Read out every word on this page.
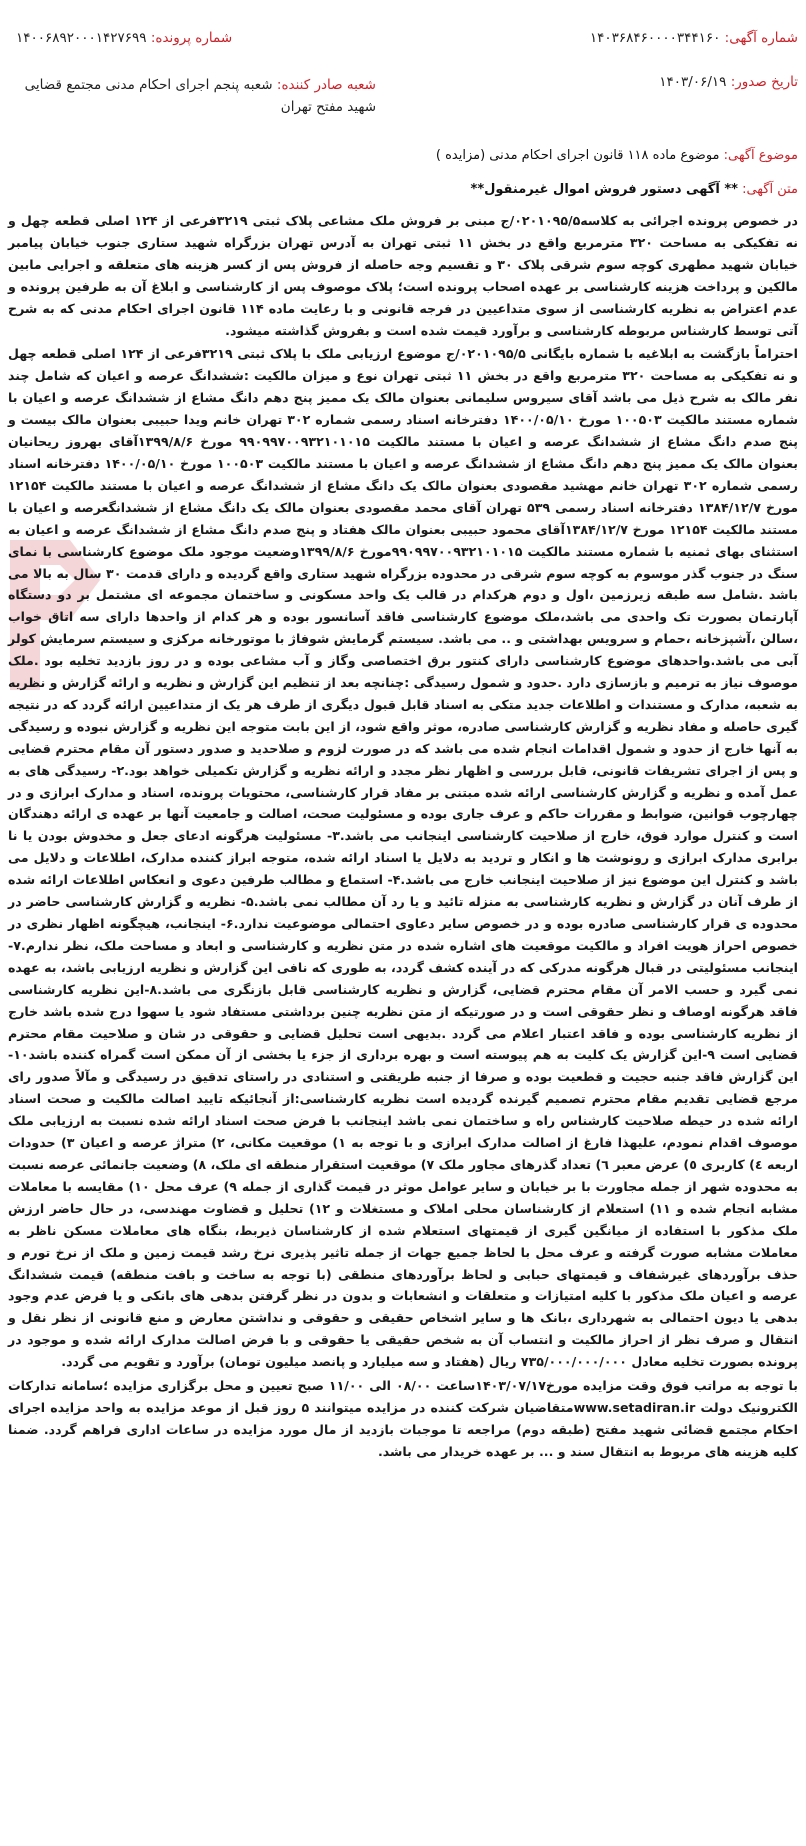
شماره آگهی: ۱۴۰۳۶۸۴۶۰۰۰۰۳۴۴۱۶۰
شماره پرونده: ۱۴۰۰۶۸۹۲۰۰۰۱۴۲۷۶۹۹
تاریخ صدور: ۱۴۰۳/۰۶/۱۹
شعبه صادر کننده: شعبه پنجم اجرای احکام مدنی مجتمع قضایی شهید مفتح تهران
موضوع آگهی: موضوع ماده ۱۱۸ قانون اجرای احکام مدنی (مزایده )
متن آگهی: ** آگهی دستور فروش اموال غیرمنقول**

در خصوص پرونده اجرائی به کلاسه۰۲۰۱۰۹۵/۵/ج مبنی بر فروش ملک مشاعی پلاک ثبتی ۳۲۱۹فرعی از ۱۲۴ اصلی قطعه چهل و نه تفکیکی به مساحت ۳۲۰ مترمربع واقع در بخش ۱۱ ثبتی تهران به آدرس تهران بزرگراه شهید ستاری جنوب خیابان پیامبر خیابان شهید مطهری کوچه سوم شرقی پلاک ۳۰ و تقسیم وجه حاصله از فروش پس از کسر هزینه های متعلقه و اجرایی مابین مالکین و پرداخت هزینه کارشناسی بر عهده اصحاب پرونده است؛ پلاک موصوف پس از کارشناسی و ابلاغ آن به طرفین پرونده و عدم اعتراض به نظریه کارشناسی از سوی متداعیین در فرجه قانونی و با رعایت ماده ۱۱۴ قانون اجرای احکام مدنی که به شرح آتی توسط کارشناس مربوطه کارشناسی و برآورد قیمت شده است و بفروش گذاشته میشود.

احتراماً بازگشت به ابلاغیه با شماره بایگانی ۰۲۰۱۰۹۵/۵/ج موضوع ارزیابی ملک با پلاک ثبتی ۳۲۱۹فرعی از ۱۲۴ اصلی قطعه چهل و نه تفکیکی به مساحت ۳۲۰ مترمربع واقع در بخش ۱۱ ثبتی تهران نوع و میزان مالکیت :ششدانگ عرصه و اعیان که شامل چند نفر مالک به شرح ذیل می باشد آقای سیروس سلیمانی بعنوان مالک یک ممیز پنج دهم دانگ مشاع از ششدانگ عرصه و اعیان با شماره مستند مالکیت ۱۰۰۵۰۳ مورخ ۱۴۰۰/۰۵/۱۰ دفترخانه اسناد رسمی شماره ۳۰۲ تهران خانم ویدا حبیبی بعنوان مالک بیست و پنج صدم دانگ مشاع از ششدانگ عرصه و اعیان با مستند مالکیت ۹۹۰۹۹۷۰۰۹۳۲۱۰۱۰۱۵ مورخ ۱۳۹۹/۸/۶آقای بهروز ریحانیان بعنوان مالک یک ممیز پنج دهم دانگ مشاع از ششدانگ عرصه و اعیان با مستند مالکیت ۱۰۰۵۰۳ مورخ ۱۴۰۰/۰۵/۱۰ دفترخانه اسناد رسمی شماره ۳۰۲ تهران خانم مهشید مقصودی بعنوان مالک یک دانگ مشاع از ششدانگ عرصه و اعیان با مستند مالکیت ۱۲۱۵۴ مورخ ۱۳۸۴/۱۲/۷ دفترخانه اسناد رسمی ۵۳۹ تهران آقای محمد مقصودی بعنوان مالک یک دانگ مشاع از ششدانگعرصه و اعیان با مستند مالکیت ۱۲۱۵۴ مورخ ۱۳۸۴/۱۲/۷آقای محمود حبیبی بعنوان مالک هفتاد و پنج صدم دانگ مشاع از ششدانگ عرصه و اعیان به استثنای بهای ثمنیه با شماره مستند مالکیت ۹۹۰۹۹۷۰۰۹۳۲۱۰۱۰۱۵مورخ ۱۳۹۹/۸/۶وضعیت موجود ملک موضوع کارشناسی با نمای سنگ در جنوب گذر موسوم به کوچه سوم شرقی در محدوده بزرگراه شهید ستاری واقع گردیده و دارای قدمت ۳۰ سال به بالا می باشد .شامل سه طبقه زیرزمین ،اول و دوم هرکدام در قالب یک واحد مسکونی و ساختمان مجموعه ای مشتمل بر دو دستگاه آپارتمان بصورت تک واحدی می باشد،ملک موضوع کارشناسی فاقد آسانسور بوده و هر کدام از واحدها دارای سه اتاق خواب ،سالن ،آشپزخانه ،حمام و سرویس بهداشتی و .. می باشد. سیستم گرمایش شوفاژ با موتورخانه مرکزی و سیستم سرمایش کولر آبی می باشد.واحدهای موضوع کارشناسی دارای کنتور برق اختصاصی وگاز و آب مشاعی بوده و در روز بازدید تخلیه بود .ملک موصوف نیاز به ترمیم و بازسازی دارد .حدود و شمول رسیدگی :چنانچه بعد از تنظیم این گزارش و نظریه و ارائه گزارش و نظریه به شعبه، مدارک و مستندات و اطلاعات جدید متکی به اسناد قابل قبول دیگری از طرف هر یک از متداعیین ارائه گردد که در نتیجه گیری حاصله و مفاد نظریه و گزارش کارشناسی صادره، موثر واقع شود، از این بابت متوجه این نظریه و گزارش نبوده و رسیدگی به آنها خارج از حدود و شمول اقدامات انجام شده می باشد که در صورت لزوم و صلاحدید و صدور دستور آن مقام محترم قضایی و پس از اجرای تشریفات قانونی، قابل بررسی و اظهار نظر مجدد و ارائه نظریه و گزارش تکمیلی خواهد بود.۲- رسیدگی های به عمل آمده و نظریه و گزارش کارشناسی ارائه شده مبتنی بر مفاد قرار کارشناسی، محتویات پرونده، اسناد و مدارک ابرازی و در چهارچوب قوانین، ضوابط و مقررات حاکم و عرف جاری بوده و مسئولیت صحت، اصالت و جامعیت آنها بر عهده ی ارائه دهندگان است و کنترل موارد فوق، خارج از صلاحیت کارشناسی اینجانب می باشد.۳- مسئولیت هرگونه ادعای جعل و مخدوش بودن یا نا برابری مدارک ابرازی و رونوشت ها و انکار و تردید به دلایل یا اسناد ارائه شده، متوجه ابراز کننده مدارک، اطلاعات و دلایل می باشد و کنترل این موضوع نیز از صلاحیت اینجانب خارج می باشد.۴- استماع و مطالب طرفین دعوی و انعکاس اطلاعات ارائه شده از طرف آنان در گزارش و نظریه کارشناسی به منزله تائید و یا رد آن مطالب نمی باشد.۵- نظریه و گزارش کارشناسی حاضر در محدوده ی قرار کارشناسی صادره بوده و در خصوص سایر دعاوی احتمالی موضوعیت ندارد.۶- اینجانب، هیچگونه اظهار نظری در خصوص احراز هویت افراد و مالکیت موقعیت های اشاره شده در متن نظریه و کارشناسی و ابعاد و مساحت ملک، نظر ندارم.۷- اینجانب مسئولیتی در قبال هرگونه مدرکی که در آینده کشف گردد، به طوری که نافی این گزارش و نظریه ارزیابی باشد، به عهده نمی گیرد و حسب الامر آن مقام محترم قضایی، گزارش و نظریه کارشناسی قابل بازنگری می باشد.۸-این نظریه کارشناسی فاقد هرگونه اوصاف و نظر حقوقی است و در صورتیکه از متن نظریه چنین برداشتی مستفاد شود یا سهوا درج شده باشد خارج از نظریه کارشناسی بوده و فاقد اعتبار اعلام می گردد .بدیهی است تحلیل قضایی و حقوقی در شان و صلاحیت مقام محترم قضایی است ۹-این گزارش یک کلیت به هم پیوسته است و بهره برداری از جزء یا بخشی از آن ممکن است گمراه کننده باشد۱۰-این گزارش فاقد جنبه حجیت و قطعیت بوده و صرفا از جنبه طریقتی و استنادی در راستای تدقیق در رسیدگی و مآلاً صدور رای مرجع قضایی تقدیم مقام محترم تصمیم گیرنده گردیده است نظریه کارشناسی:از آنجائیکه تایید اصالت مالکیت و صحت اسناد ارائه شده در حیطه صلاحیت کارشناس راه و ساختمان نمی باشد اینجانب با فرض صحت اسناد ارائه شده نسبت به ارزیابی ملک موصوف اقدام نمودم، علیهذا فارغ از اصالت مدارک ابرازی و با توجه به ۱) موقعیت مکانی، ۲) متراژ عرصه و اعیان ۳) حدودات اربعه ٤) کاربری ٥) عرض معبر ٦) تعداد گذرهای مجاور ملک ۷) موقعیت استقرار منطقه ای ملک، ۸) وضعیت جانمائی عرصه نسبت به محدوده شهر از جمله مجاورت با بر خیابان و سایر عوامل موثر در قیمت گذاری از جمله ۹) عرف محل ۱۰) مقایسه با معاملات مشابه انجام شده و ۱۱) استعلام از کارشناسان محلی املاک و مستغلات و ۱۲) تحلیل و قضاوت مهندسی، در حال حاضر ارزش ملک مذکور با استفاده از میانگین گیری از قیمتهای استعلام شده از کارشناسان ذیربط، بنگاه های معاملات مسکن ناظر به معاملات مشابه صورت گرفته و عرف محل با لحاظ جمیع جهات از جمله تاثیر پذیری نرخ رشد قیمت زمین و ملک از نرخ تورم و حذف برآوردهای غیرشفاف و قیمتهای حبابی و لحاظ برآوردهای منطقی (با توجه به ساخت و بافت منطقه) قیمت ششدانگ عرصه و اعیان ملک مذکور با کلیه امتیازات و متعلقات و انشعابات و بدون در نظر گرفتن بدهی های بانکی و یا فرض عدم وجود بدهی یا دیون احتمالی به شهرداری ،بانک ها و سایر اشخاص حقیقی و حقوقی و نداشتن معارض و منع قانونی از نظر نقل و انتقال و صرف نظر از احراز مالکیت و انتساب آن به شخص حقیقی یا حقوقی و با فرض اصالت مدارک ارائه شده و موجود در پرونده بصورت تخلیه معادل ۷۳۵/۰۰۰/۰۰۰/۰۰۰ ریال (هفتاد و سه میلیارد و پانصد میلیون تومان) برآورد و تقویم می گردد.

با توجه به مراتب فوق وقت مزایده مورخ۱۴۰۳/۰۷/۱۷ساعت ۰۸/۰۰ الی ۱۱/۰۰ صبح تعیین و محل برگزاری مزایده ؛سامانه تدارکات الکترونیک دولت www.setadiran.irمتقاضیان شرکت کننده در مزایده میتوانند ۵ روز قبل از موعد مزایده به واحد مزایده اجرای احکام مجتمع قضائی شهید مفتح (طبقه دوم) مراجعه تا موجبات بازدید از مال مورد مزایده در ساعات اداری فراهم گردد. ضمنا کلیه هزینه های مربوط به انتقال سند و ... بر عهده خریدار می باشد.
